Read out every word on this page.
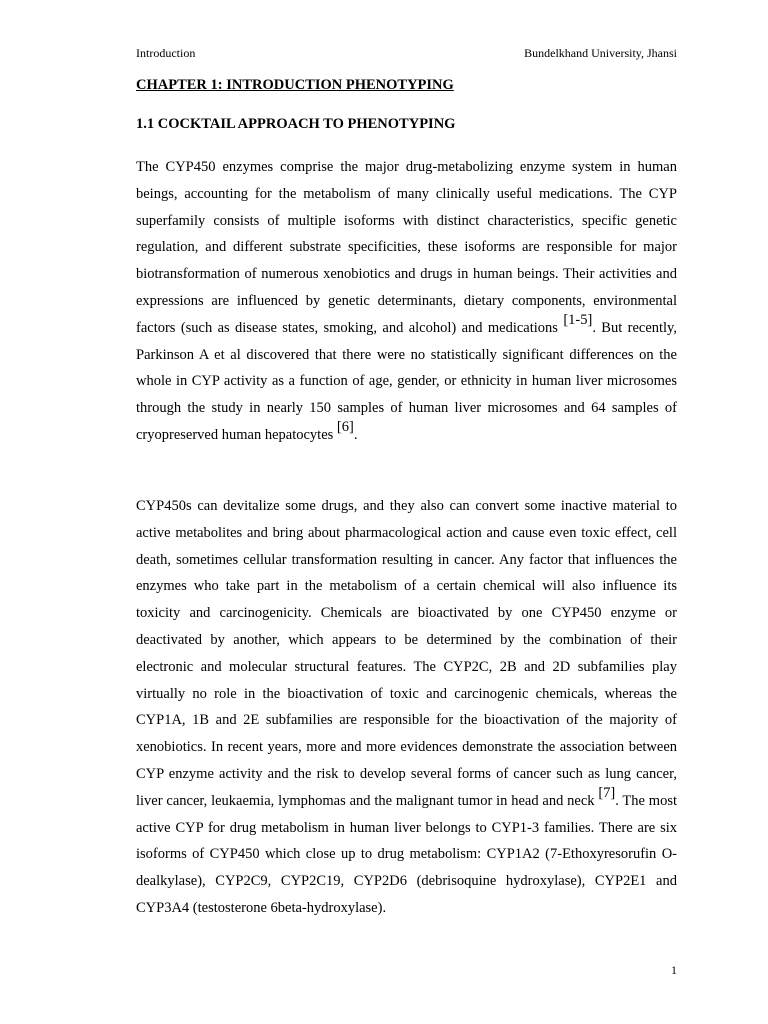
Introduction	Bundelkhand University, Jhansi
CHAPTER 1: INTRODUCTION PHENOTYPING
1.1 COCKTAIL APPROACH TO PHENOTYPING

The CYP450 enzymes comprise the major drug-metabolizing enzyme system in human beings, accounting for the metabolism of many clinically useful medications. The CYP superfamily consists of multiple isoforms with distinct characteristics, specific genetic regulation, and different substrate specificities, these isoforms are responsible for major biotransformation of numerous xenobiotics and drugs in human beings. Their activities and expressions are influenced by genetic determinants, dietary components, environmental factors (such as disease states, smoking, and alcohol) and medications [1-5]. But recently, Parkinson A et al discovered that there were no statistically significant differences on the whole in CYP activity as a function of age, gender, or ethnicity in human liver microsomes through the study in nearly 150 samples of human liver microsomes and 64 samples of cryopreserved human hepatocytes [6].

CYP450s can devitalize some drugs, and they also can convert some inactive material to active metabolites and bring about pharmacological action and cause even toxic effect, cell death, sometimes cellular transformation resulting in cancer. Any factor that influences the enzymes who take part in the metabolism of a certain chemical will also influence its toxicity and carcinogenicity. Chemicals are bioactivated by one CYP450 enzyme or deactivated by another, which appears to be determined by the combination of their electronic and molecular structural features. The CYP2C, 2B and 2D subfamilies play virtually no role in the bioactivation of toxic and carcinogenic chemicals, whereas the CYP1A, 1B and 2E subfamilies are responsible for the bioactivation of the majority of xenobiotics. In recent years, more and more evidences demonstrate the association between CYP enzyme activity and the risk to develop several forms of cancer such as lung cancer, liver cancer, leukaemia, lymphomas and the malignant tumor in head and neck [7]. The most active CYP for drug metabolism in human liver belongs to CYP1-3 families. There are six isoforms of CYP450 which close up to drug metabolism: CYP1A2 (7-Ethoxyresorufin O-dealkylase), CYP2C9, CYP2C19, CYP2D6 (debrisoquine hydroxylase), CYP2E1 and CYP3A4 (testosterone 6beta-hydroxylase).

1
